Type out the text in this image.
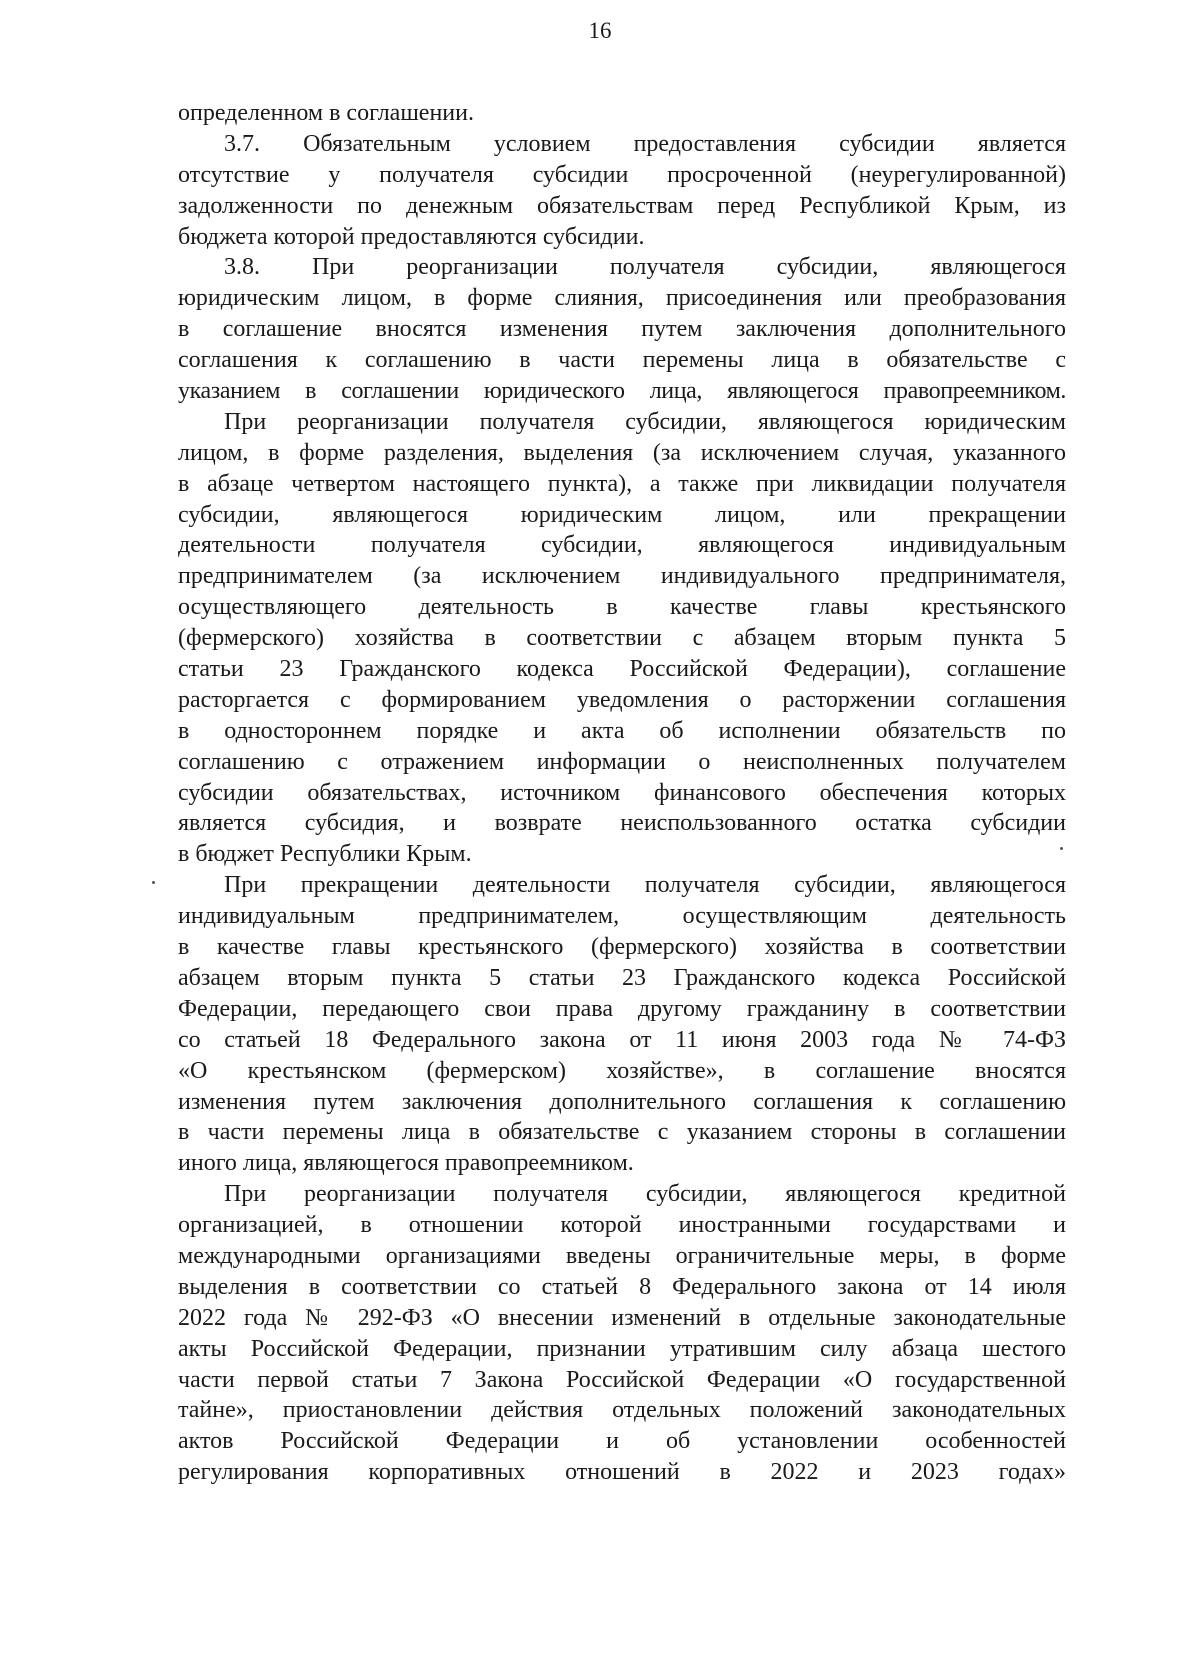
16
определенном в соглашении.
3.7. Обязательным условием предоставления субсидии является
отсутствие у получателя субсидии просроченной (неурегулированной)
задолженности по денежным обязательствам перед Республикой Крым, из
бюджета которой предоставляются субсидии.
3.8. При реорганизации получателя субсидии, являющегося
юридическим лицом, в форме слияния, присоединения или преобразования
в соглашение вносятся изменения путем заключения дополнительного
соглашения к соглашению в части перемены лица в обязательстве с
указанием в соглашении юридического лица, являющегося правопреемником.
При реорганизации получателя субсидии, являющегося юридическим
лицом, в форме разделения, выделения (за исключением случая, указанного
в абзаце четвертом настоящего пункта), а также при ликвидации получателя
субсидии, являющегося юридическим лицом, или прекращении
деятельности получателя субсидии, являющегося индивидуальным
предпринимателем (за исключением индивидуального предпринимателя,
осуществляющего деятельность в качестве главы крестьянского
(фермерского) хозяйства в соответствии с абзацем вторым пункта 5
статьи 23 Гражданского кодекса Российской Федерации), соглашение
расторгается с формированием уведомления о расторжении соглашения
в одностороннем порядке и акта об исполнении обязательств по
соглашению с отражением информации о неисполненных получателем
субсидии обязательствах, источником финансового обеспечения которых
является субсидия, и возврате неиспользованного остатка субсидии
в бюджет Республики Крым.
При прекращении деятельности получателя субсидии, являющегося
индивидуальным предпринимателем, осуществляющим деятельность
в качестве главы крестьянского (фермерского) хозяйства в соответствии
абзацем вторым пункта 5 статьи 23 Гражданского кодекса Российской
Федерации, передающего свои права другому гражданину в соответствии
со статьей 18 Федерального закона от 11 июня 2003 года № 74-ФЗ
«О крестьянском (фермерском) хозяйстве», в соглашение вносятся
изменения путем заключения дополнительного соглашения к соглашению
в части перемены лица в обязательстве с указанием стороны в соглашении
иного лица, являющегося правопреемником.
При реорганизации получателя субсидии, являющегося кредитной
организацией, в отношении которой иностранными государствами и
международными организациями введены ограничительные меры, в форме
выделения в соответствии со статьей 8 Федерального закона от 14 июля
2022 года № 292-ФЗ «О внесении изменений в отдельные законодательные
акты Российской Федерации, признании утратившим силу абзаца шестого
части первой статьи 7 Закона Российской Федерации «О государственной
тайне», приостановлении действия отдельных положений законодательных
актов Российской Федерации и об установлении особенностей
регулирования корпоративных отношений в 2022 и 2023 годах»
